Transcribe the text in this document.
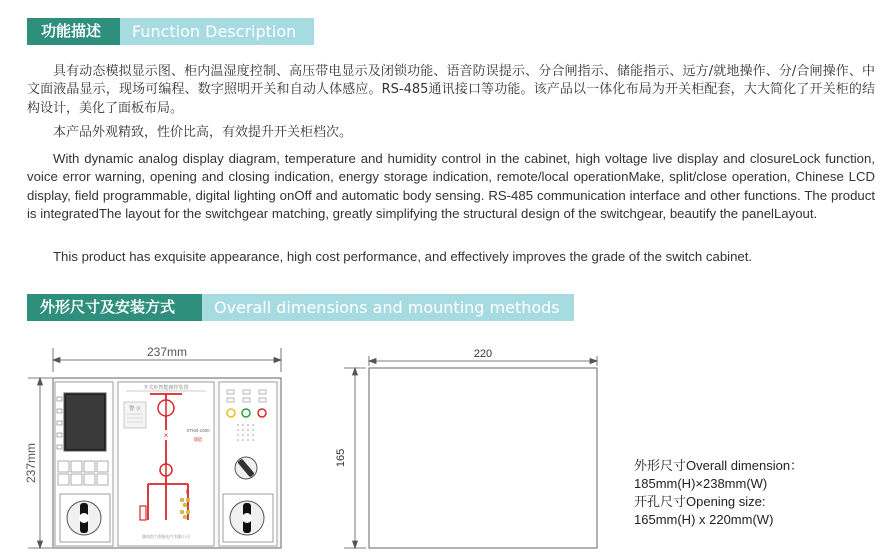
功能描述	Function Description

具有动态模拟显示图、柜内温湿度控制、高压带电显示及闭锁功能、语音防误提示、分合闸指示、储能指示、远方/就地操作、分/合闸操作、中文面液晶显示，现场可编程、数字照明开关和自动人体感应。RS-485通讯接口等功能。该产品以一体化布局为开关柜配套，大大简化了开关柜的结构设计，美化了面板布局。

本产品外观精致，性价比高，有效提升开关柜档次。

With dynamic analog display diagram, temperature and humidity control in the cabinet, high voltage live display and closureLock function, voice error warning, opening and closing indication, energy storage indication, remote/local operationMake, split/close operation, Chinese LCD display, field programmable, digital lighting onOff and automatic body sensing. RS-485 communication interface and other functions. The product is integratedThe layout for the switchgear matching, greatly simplifying the structural design of the switchgear, beautify the panelLayout.

This product has exquisite appearance, high cost performance, and effectively improves the grade of the switch cabinet.

外形尺寸及安装方式	Overall dimensions and mounting methods
237mm
237mm
开关柜智能操控装置
警 示
×
⌇	⌇
XTKB-1000
储能
湖南凯力智能电气有限公司
220
165	外形尺寸Overall dimension：
185mm(H)×238mm(W)
开孔尺寸Opening size:
165mm(H) x 220mm(W)
